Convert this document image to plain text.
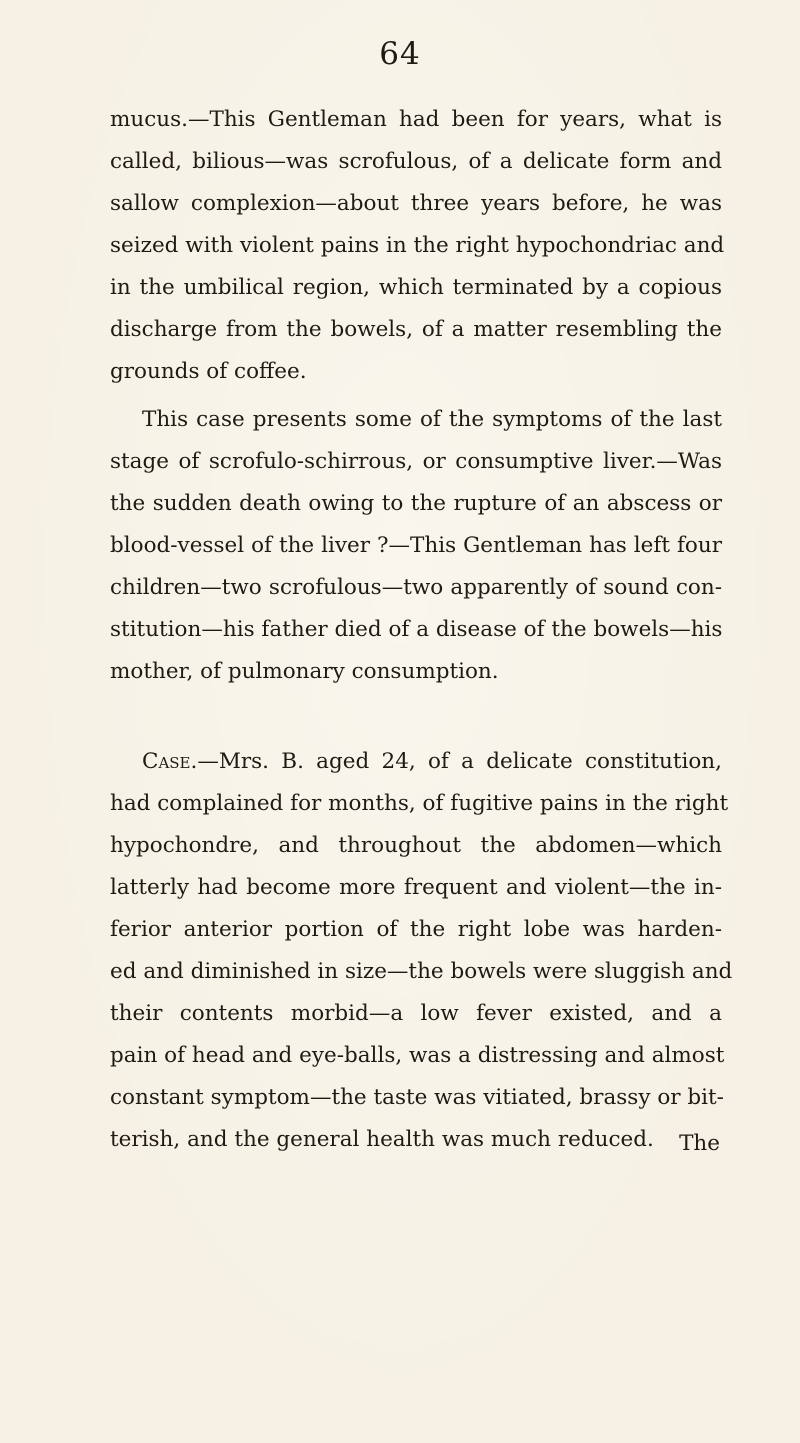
64
mucus.—This Gentleman had been for years, what is
called, bilious—was scrofulous, of a delicate form and
sallow complexion—about three years before, he was
seized with violent pains in the right hypochondriac and
in the umbilical region, which terminated by a copious
discharge from the bowels, of a matter resembling the
grounds of coffee.
This case presents some of the symptoms of the last
stage of scrofulo-schirrous, or consumptive liver.—Was
the sudden death owing to the rupture of an abscess or
blood-vessel of the liver ?—This Gentleman has left four
children—two scrofulous—two apparently of sound con-
stitution—his father died of a disease of the bowels—his
mother, of pulmonary consumption.
Case.—Mrs. B. aged 24, of a delicate constitution,
had complained for months, of fugitive pains in the right
hypochondre, and throughout the abdomen—which
latterly had become more frequent and violent—the in-
ferior anterior portion of the right lobe was harden-
ed and diminished in size—the bowels were sluggish and
their contents morbid—a low fever existed, and a
pain of head and eye-balls, was a distressing and almost
constant symptom—the taste was vitiated, brassy or bit-
terish, and the general health was much reduced.	The
